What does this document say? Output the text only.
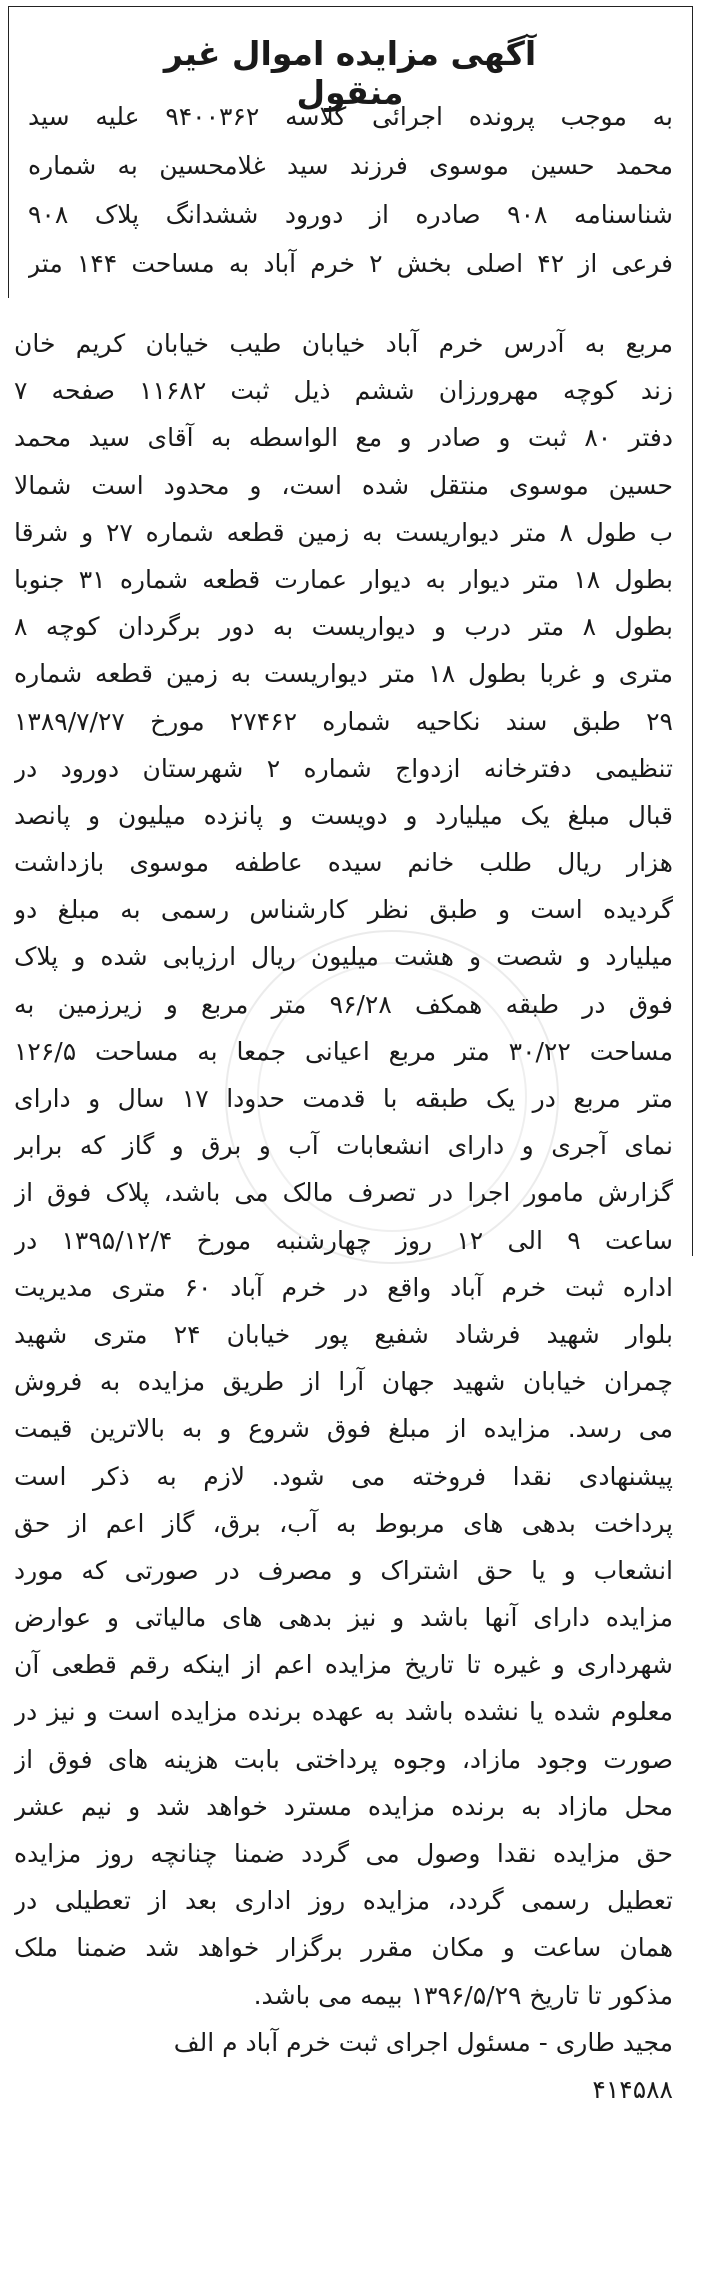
آگهی مزایده اموال غیر منقول
به موجب پرونده اجرائی کلاسه ۹۴۰۰۳۶۲ علیه سید
محمد حسین موسوی فرزند سید غلامحسین به شماره
شناسنامه ۹۰۸ صادره از دورود ششدانگ پلاک ۹۰۸
فرعی از ۴۲ اصلی بخش ۲ خرم آباد به مساحت ۱۴۴ متر
مربع به آدرس خرم آباد خیابان طیب خیابان کریم خان
زند کوچه مهرورزان ششم ذیل ثبت ۱۱۶۸۲ صفحه ۷
دفتر ۸۰ ثبت و صادر و مع الواسطه به آقای سید محمد
حسین موسوی منتقل شده است، و محدود است شمالا
ب طول ۸ متر دیواریست به زمین قطعه شماره ۲۷ و شرقا
بطول ۱۸ متر دیوار به دیوار عمارت قطعه شماره ۳۱ جنوبا
بطول ۸ متر درب و دیواریست به دور برگردان کوچه ۸
متری و غربا بطول ۱۸ متر دیواریست به زمین قطعه شماره
۲۹ طبق سند نکاحیه شماره ۲۷۴۶۲ مورخ ۱۳۸۹/۷/۲۷
تنظیمی دفترخانه ازدواج شماره ۲ شهرستان دورود در
قبال مبلغ یک میلیارد و دویست و پانزده میلیون و پانصد
هزار ریال طلب خانم سیده عاطفه موسوی بازداشت
گردیده است و طبق نظر کارشناس رسمی به مبلغ دو
میلیارد و شصت و هشت میلیون ریال ارزیابی شده و پلاک
فوق در طبقه همکف ۹۶/۲۸ متر مربع و زیرزمین به
مساحت ۳۰/۲۲ متر مربع اعیانی جمعا به مساحت ۱۲۶/۵
متر مربع در یک طبقه با قدمت حدودا ۱۷ سال و دارای
نمای آجری و دارای انشعابات آب و برق و گاز که برابر
گزارش مامور اجرا در تصرف مالک می باشد، پلاک فوق از
ساعت ۹ الی ۱۲ روز چهارشنبه مورخ ۱۳۹۵/۱۲/۴ در
اداره ثبت خرم آباد واقع در خرم آباد ۶۰ متری مدیریت
بلوار شهید فرشاد شفیع پور خیابان ۲۴ متری شهید
چمران خیابان شهید جهان آرا از طریق مزایده به فروش
می رسد. مزایده از مبلغ فوق شروع و به بالاترین قیمت
پیشنهادی نقدا فروخته می شود. لازم به ذکر است
پرداخت بدهی های مربوط به آب، برق، گاز اعم از حق
انشعاب و یا حق اشتراک و مصرف در صورتی که مورد
مزایده دارای آنها باشد و نیز بدهی های مالیاتی و عوارض
شهرداری و غیره تا تاریخ مزایده اعم از اینکه رقم قطعی آن
معلوم شده یا نشده باشد به عهده برنده مزایده است و نیز در
صورت وجود مازاد، وجوه پرداختی بابت هزینه های فوق از
محل مازاد به برنده مزایده مسترد خواهد شد و نیم عشر
حق مزایده نقدا وصول می گردد ضمنا چنانچه روز مزایده
تعطیل رسمی گردد، مزایده روز اداری بعد از تعطیلی در
همان ساعت و مکان مقرر برگزار خواهد شد ضمنا ملک
مذکور تا تاریخ ۱۳۹۶/۵/۲۹ بیمه می باشد.
مجید طاری - مسئول اجرای ثبت خرم آباد م الف
۴۱۴۵۸۸
